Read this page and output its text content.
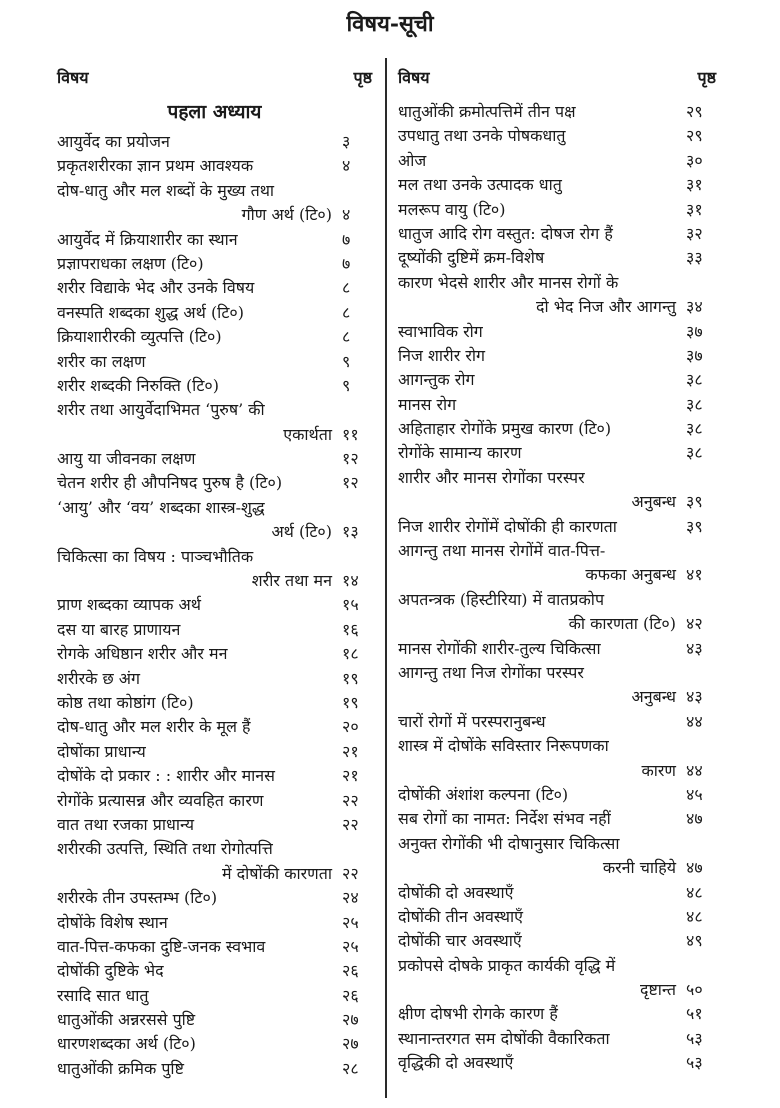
विषय-सूची
विषय	पृष्ठ
पहला अध्याय
आयुर्वेद का प्रयोजन	३
प्रकृतशरीरका ज्ञान प्रथम आवश्यक	४
दोष-धातु और मल शब्दों के मुख्य तथा
गौण अर्थ (टि०) ४
आयुर्वेद में क्रियाशारीर का स्थान	७
प्रज्ञापराधका लक्षण (टि०)	७
शरीर विद्याके भेद और उनके विषय	८
वनस्पति शब्दका शुद्ध अर्थ (टि०)	८
क्रियाशारीरकी व्युत्पत्ति (टि०)	८
शरीर का लक्षण	९
शरीर शब्दकी निरुक्ति (टि०)	९
शरीर तथा आयुर्वेदाभिमत ‘पुरुष’ की
एकार्थता ११
आयु या जीवनका लक्षण	१२
चेतन शरीर ही औपनिषद पुरुष है (टि०)	१२
‘आयु’ और ‘वय’ शब्दका शास्त्र-शुद्ध
अर्थ (टि०) १३
चिकित्सा का विषय : पाञ्चभौतिक
शरीर तथा मन १४
प्राण शब्दका व्यापक अर्थ	१५
दस या बारह प्राणायन	१६
रोगके अधिष्ठान शरीर और मन	१८
शरीरके छ अंग	१९
कोष्ठ तथा कोष्ठांग (टि०)	१९
दोष-धातु और मल शरीर के मूल हैं	२०
दोषोंका प्राधान्य	२१
दोषोंके दो प्रकार : : शारीर और मानस	२१
रोगोंके प्रत्यासन्न और व्यवहित कारण	२२
वात तथा रजका प्राधान्य	२२
शरीरकी उत्पत्ति, स्थिति तथा रोगोत्पत्ति
में दोषोंकी कारणता २२
शरीरके तीन उपस्तम्भ (टि०)	२४
दोषोंके विशेष स्थान	२५
वात-पित्त-कफका दुष्टि-जनक स्वभाव	२५
दोषोंकी दुष्टिके भेद	२६
रसादि सात धातु	२६
धातुओंकी अन्नरससे पुष्टि	२७
धारणशब्दका अर्थ (टि०)	२७
धातुओंकी क्रमिक पुष्टि	२८
विषय	पृष्ठ
धातुओंकी क्रमोत्पत्तिमें तीन पक्ष	२९
उपधातु तथा उनके पोषकधातु	२९
ओज	३०
मल तथा उनके उत्पादक धातु	३१
मलरूप वायु (टि०)	३१
धातुज आदि रोग वस्तुत: दोषज रोग हैं	३२
दूष्योंकी दुष्टिमें क्रम-विशेष	३३
कारण भेदसे शारीर और मानस रोगों के
दो भेद निज और आगन्तु ३४
स्वाभाविक रोग	३७
निज शारीर रोग	३७
आगन्तुक रोग	३८
मानस रोग	३८
अहिताहार रोगोंके प्रमुख कारण (टि०)	३८
रोगोंके सामान्य कारण	३८
शारीर और मानस रोगोंका परस्पर
अनुबन्ध ३९
निज शारीर रोगोंमें दोषोंकी ही कारणता	३९
आगन्तु तथा मानस रोगोंमें वात-पित्त-
कफका अनुबन्ध ४१
अपतन्त्रक (हिस्टीरिया) में वातप्रकोप
की कारणता (टि०) ४२
मानस रोगोंकी शारीर-तुल्य चिकित्सा	४३
आगन्तु तथा निज रोगोंका परस्पर
अनुबन्ध ४३
चारों रोगों में परस्परानुबन्ध	४४
शास्त्र में दोषोंके सविस्तार निरूपणका
कारण ४४
दोषोंकी अंशांश कल्पना (टि०)	४५
सब रोगों का नामत: निर्देश संभव नहीं	४७
अनुक्त रोगोंकी भी दोषानुसार चिकित्सा
करनी चाहिये ४७
दोषोंकी दो अवस्थाएँ	४८
दोषोंकी तीन अवस्थाएँ	४८
दोषोंकी चार अवस्थाएँ	४९
प्रकोपसे दोषके प्राकृत कार्यकी वृद्धि में
दृष्टान्त ५०
क्षीण दोषभी रोगके कारण हैं	५१
स्थानान्तरगत सम दोषोंकी वैकारिकता	५३
वृद्धिकी दो अवस्थाएँ	५३
